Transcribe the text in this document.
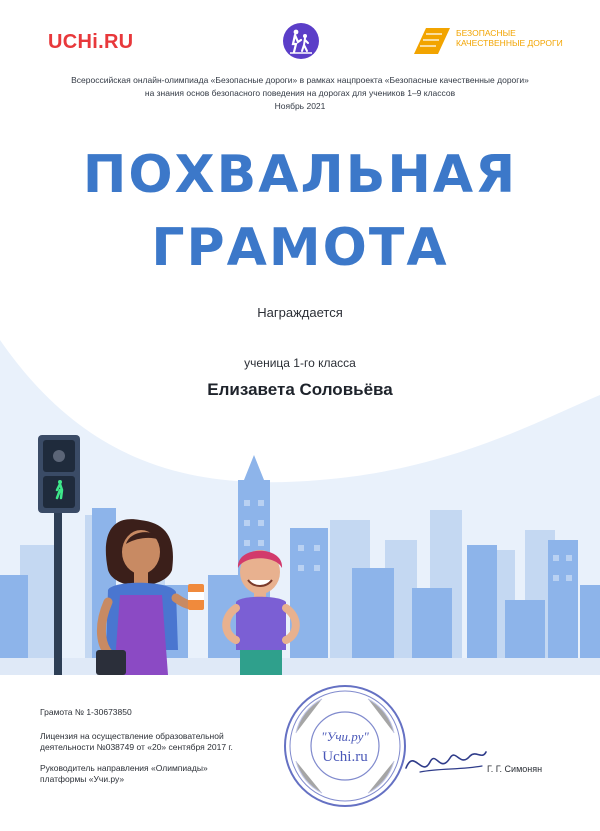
UCHi.RU	БЕЗОПАСНЫЕ
КАЧЕСТВЕННЫЕ ДОРОГИ
Всероссийская онлайн-олимпиада «Безопасные дороги» в рамках нацпроекта «Безопасные качественные дороги»
на знания основ безопасного поведения на дорогах для учеников 1–9 классов
Ноябрь 2021
ПОХВАЛЬНАЯ
ГРАМОТА
Награждается
ученица 1-го класса
Елизавета Соловьёва
Грамота № 1-30673850
Лицензия на осуществление образовательной
деятельности №038749 от «20» сентября 2017 г.
Руководитель направления «Олимпиады»
платформы «Учи.ру»
Г. Г. Симонян
"Учи.ру"
Uchi.ru
